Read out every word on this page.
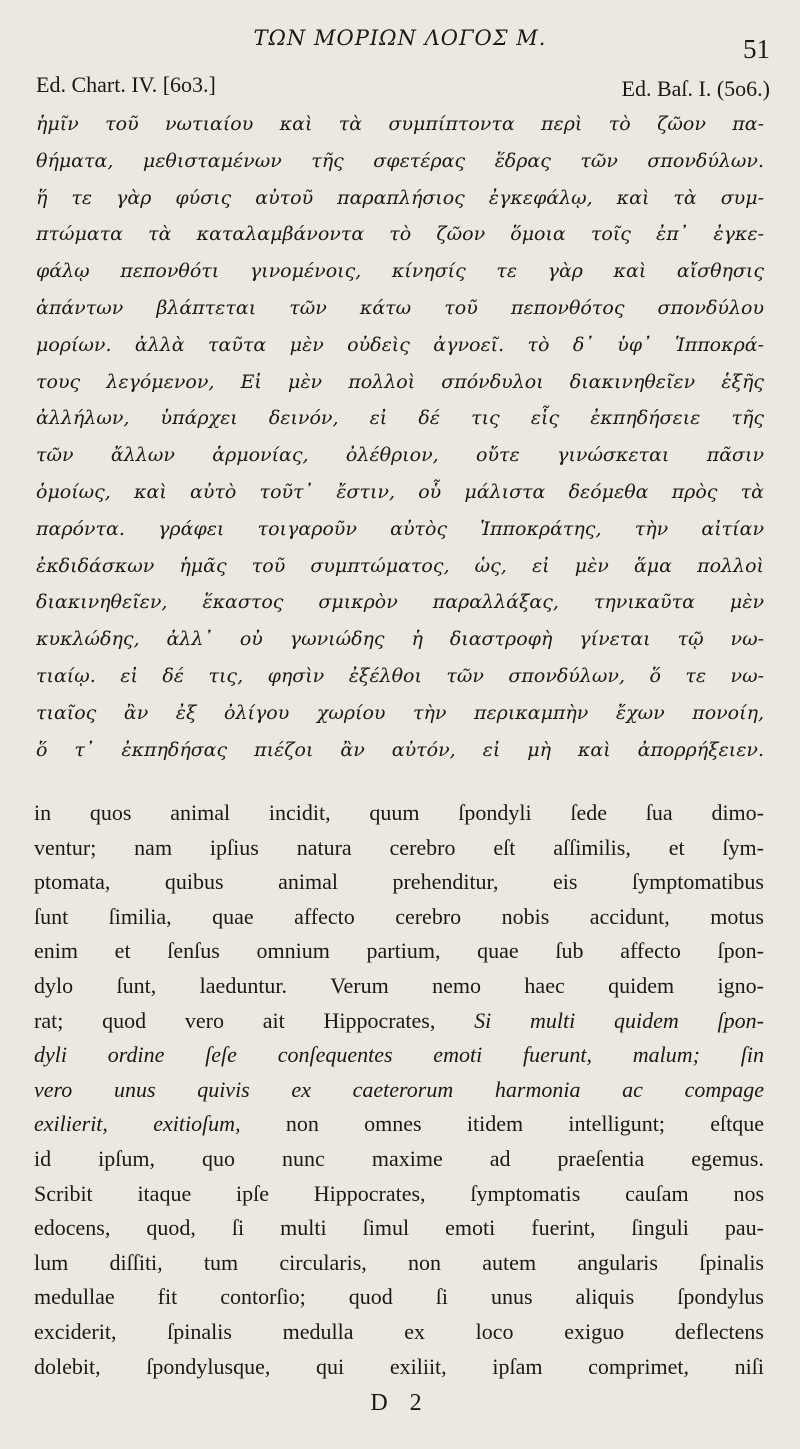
ΤΩΝ ΜΟΡΙΩΝ ΛΟΓΟΣ Μ.	51
Ed. Chart. IV. [6o3.]	Ed. Baſ. I. (5o6.)
ἡμῖν τοῦ νωτιαίου καὶ τὰ συμπίπτοντα περὶ τὸ ζῶον πα-
θήματα, μεθισταμένων τῆς σφετέρας ἕδρας τῶν σπονδύλων.
ἥ τε γὰρ φύσις αὐτοῦ παραπλήσιος ἐγκεφάλῳ, καὶ τὰ συμ-
πτώματα τὰ καταλαμβάνοντα τὸ ζῶον ὅμοια τοῖς ἐπ᾽ ἐγκε-
φάλῳ πεπονθότι γινομένοις, κίνησίς τε γὰρ καὶ αἴσθησις
ἁπάντων βλάπτεται τῶν κάτω τοῦ πεπονθότος σπονδύλου
μορίων. ἀλλὰ ταῦτα μὲν οὐδεὶς ἀγνοεῖ. τὸ δ᾽ ὑφ᾽ Ἱπποκρά-
τους λεγόμενον, Εἰ μὲν πολλοὶ σπόνδυλοι διακινηθεῖεν ἑξῆς
ἀλλήλων, ὑπάρχει δεινόν, εἰ δέ τις εἷς ἐκπηδήσειε τῆς
τῶν ἄλλων ἁρμονίας, ὀλέθριον, οὔτε γινώσκεται πᾶσιν
ὁμοίως, καὶ αὐτὸ τοῦτ᾽ ἔστιν, οὗ μάλιστα δεόμεθα πρὸς τὰ
παρόντα. γράφει τοιγαροῦν αὐτὸς Ἱπποκράτης, τὴν αἰτίαν
ἐκδιδάσκων ἡμᾶς τοῦ συμπτώματος, ὡς, εἰ μὲν ἅμα πολλοὶ
διακινηθεῖεν, ἕκαστος σμικρὸν παραλλάξας, τηνικαῦτα μὲν
κυκλώδης, ἀλλ᾽ οὐ γωνιώδης ἡ διαστροφὴ γίνεται τῷ νω-
τιαίῳ. εἰ δέ τις, φησὶν ἐξέλθοι τῶν σπονδύλων, ὅ τε νω-
τιαῖος ἂν ἐξ ὀλίγου χωρίου τὴν περικαμπὴν ἔχων πονοίη,
ὅ τ᾽ ἐκπηδήσας πιέζοι ἂν αὐτόν, εἰ μὴ καὶ ἀπορρήξειεν.
in quos animal incidit, quum ſpondyli ſede ſua dimo-
ventur; nam ipſius natura cerebro eſt aſſimilis, et ſym-
ptomata, quibus animal prehenditur, eis ſymptomatibus
ſunt ſimilia, quae affecto cerebro nobis accidunt, motus
enim et ſenſus omnium partium, quae ſub affecto ſpon-
dylo ſunt, laeduntur. Verum nemo haec quidem igno-
rat; quod vero ait Hippocrates, Si multi quidem ſpon-
dyli ordine ſeſe conſequentes emoti fuerunt, malum; ſin
vero unus quivis ex caeterorum harmonia ac compage
exilierit, exitioſum, non omnes itidem intelligunt; eſtque
id ipſum, quo nunc maxime ad praeſentia egemus.
Scribit itaque ipſe Hippocrates, ſymptomatis cauſam nos
edocens, quod, ſi multi ſimul emoti fuerint, ſinguli pau-
lum diſſiti, tum circularis, non autem angularis ſpinalis
medullae fit contorſio; quod ſi unus aliquis ſpondylus
exciderit, ſpinalis medulla ex loco exiguo deflectens
dolebit, ſpondylusque, qui exiliit, ipſam comprimet, niſi
D 2
